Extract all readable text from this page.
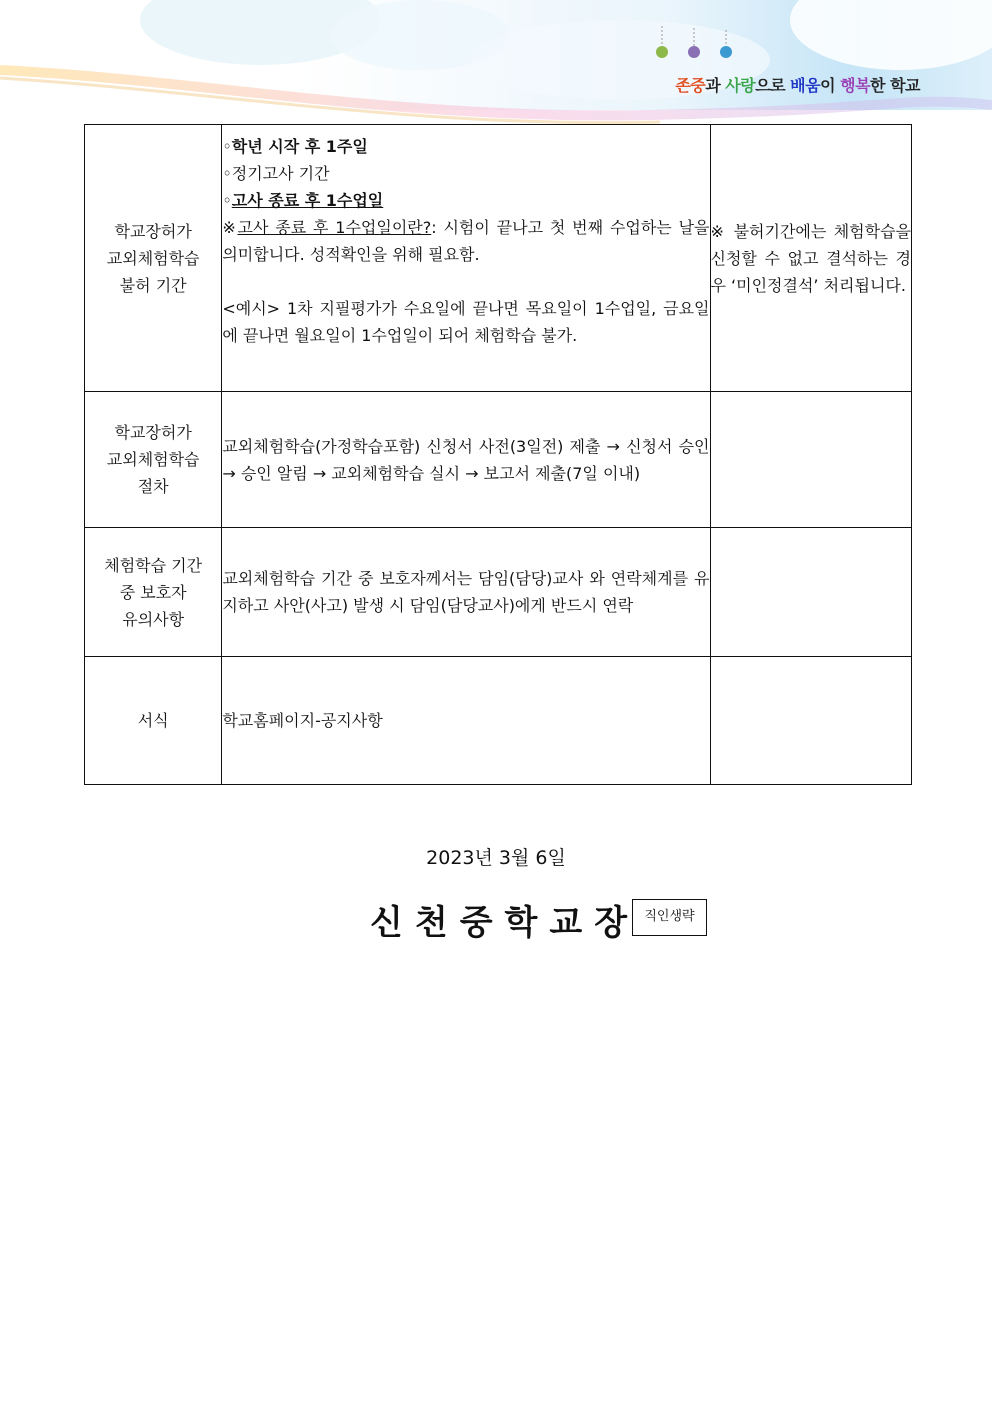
존중과 사랑으로 배움이 행복한 학교
학교장허가
교외체험학습
불허 기간	◦학년 시작 후 1주일
◦정기고사 기간
◦고사 종료 후 1수업일
※고사 종료 후 1수업일이란?: 시험이 끝나고 첫 번째 수업하는 날을 의미합니다. 성적확인을 위해 필요함.
<예시> 1차 지필평가가 수요일에 끝나면 목요일이 1수업일, 금요일에 끝나면 월요일이 1수업일이 되어 체험학습 불가.	※ 불허기간에는 체험학습을 신청할 수 없고 결석하는 경우 ‘미인정결석’ 처리됩니다.

학교장허가
교외체험학습
절차	교외체험학습(가정학습포함) 신청서 사전(3일전) 제출 → 신청서 승인 → 승인 알림 → 교외체험학습 실시 → 보고서 제출(7일 이내)	

체험학습 기간
중 보호자
유의사항	교외체험학습 기간 중 보호자께서는 담임(담당)교사 와 연락체계를 유지하고 사안(사고) 발생 시 담임(담당교사)에게 반드시 연락	

서식	학교홈페이지-공지사항	
2023년 3월 6일
신천중학교장 직인생략
